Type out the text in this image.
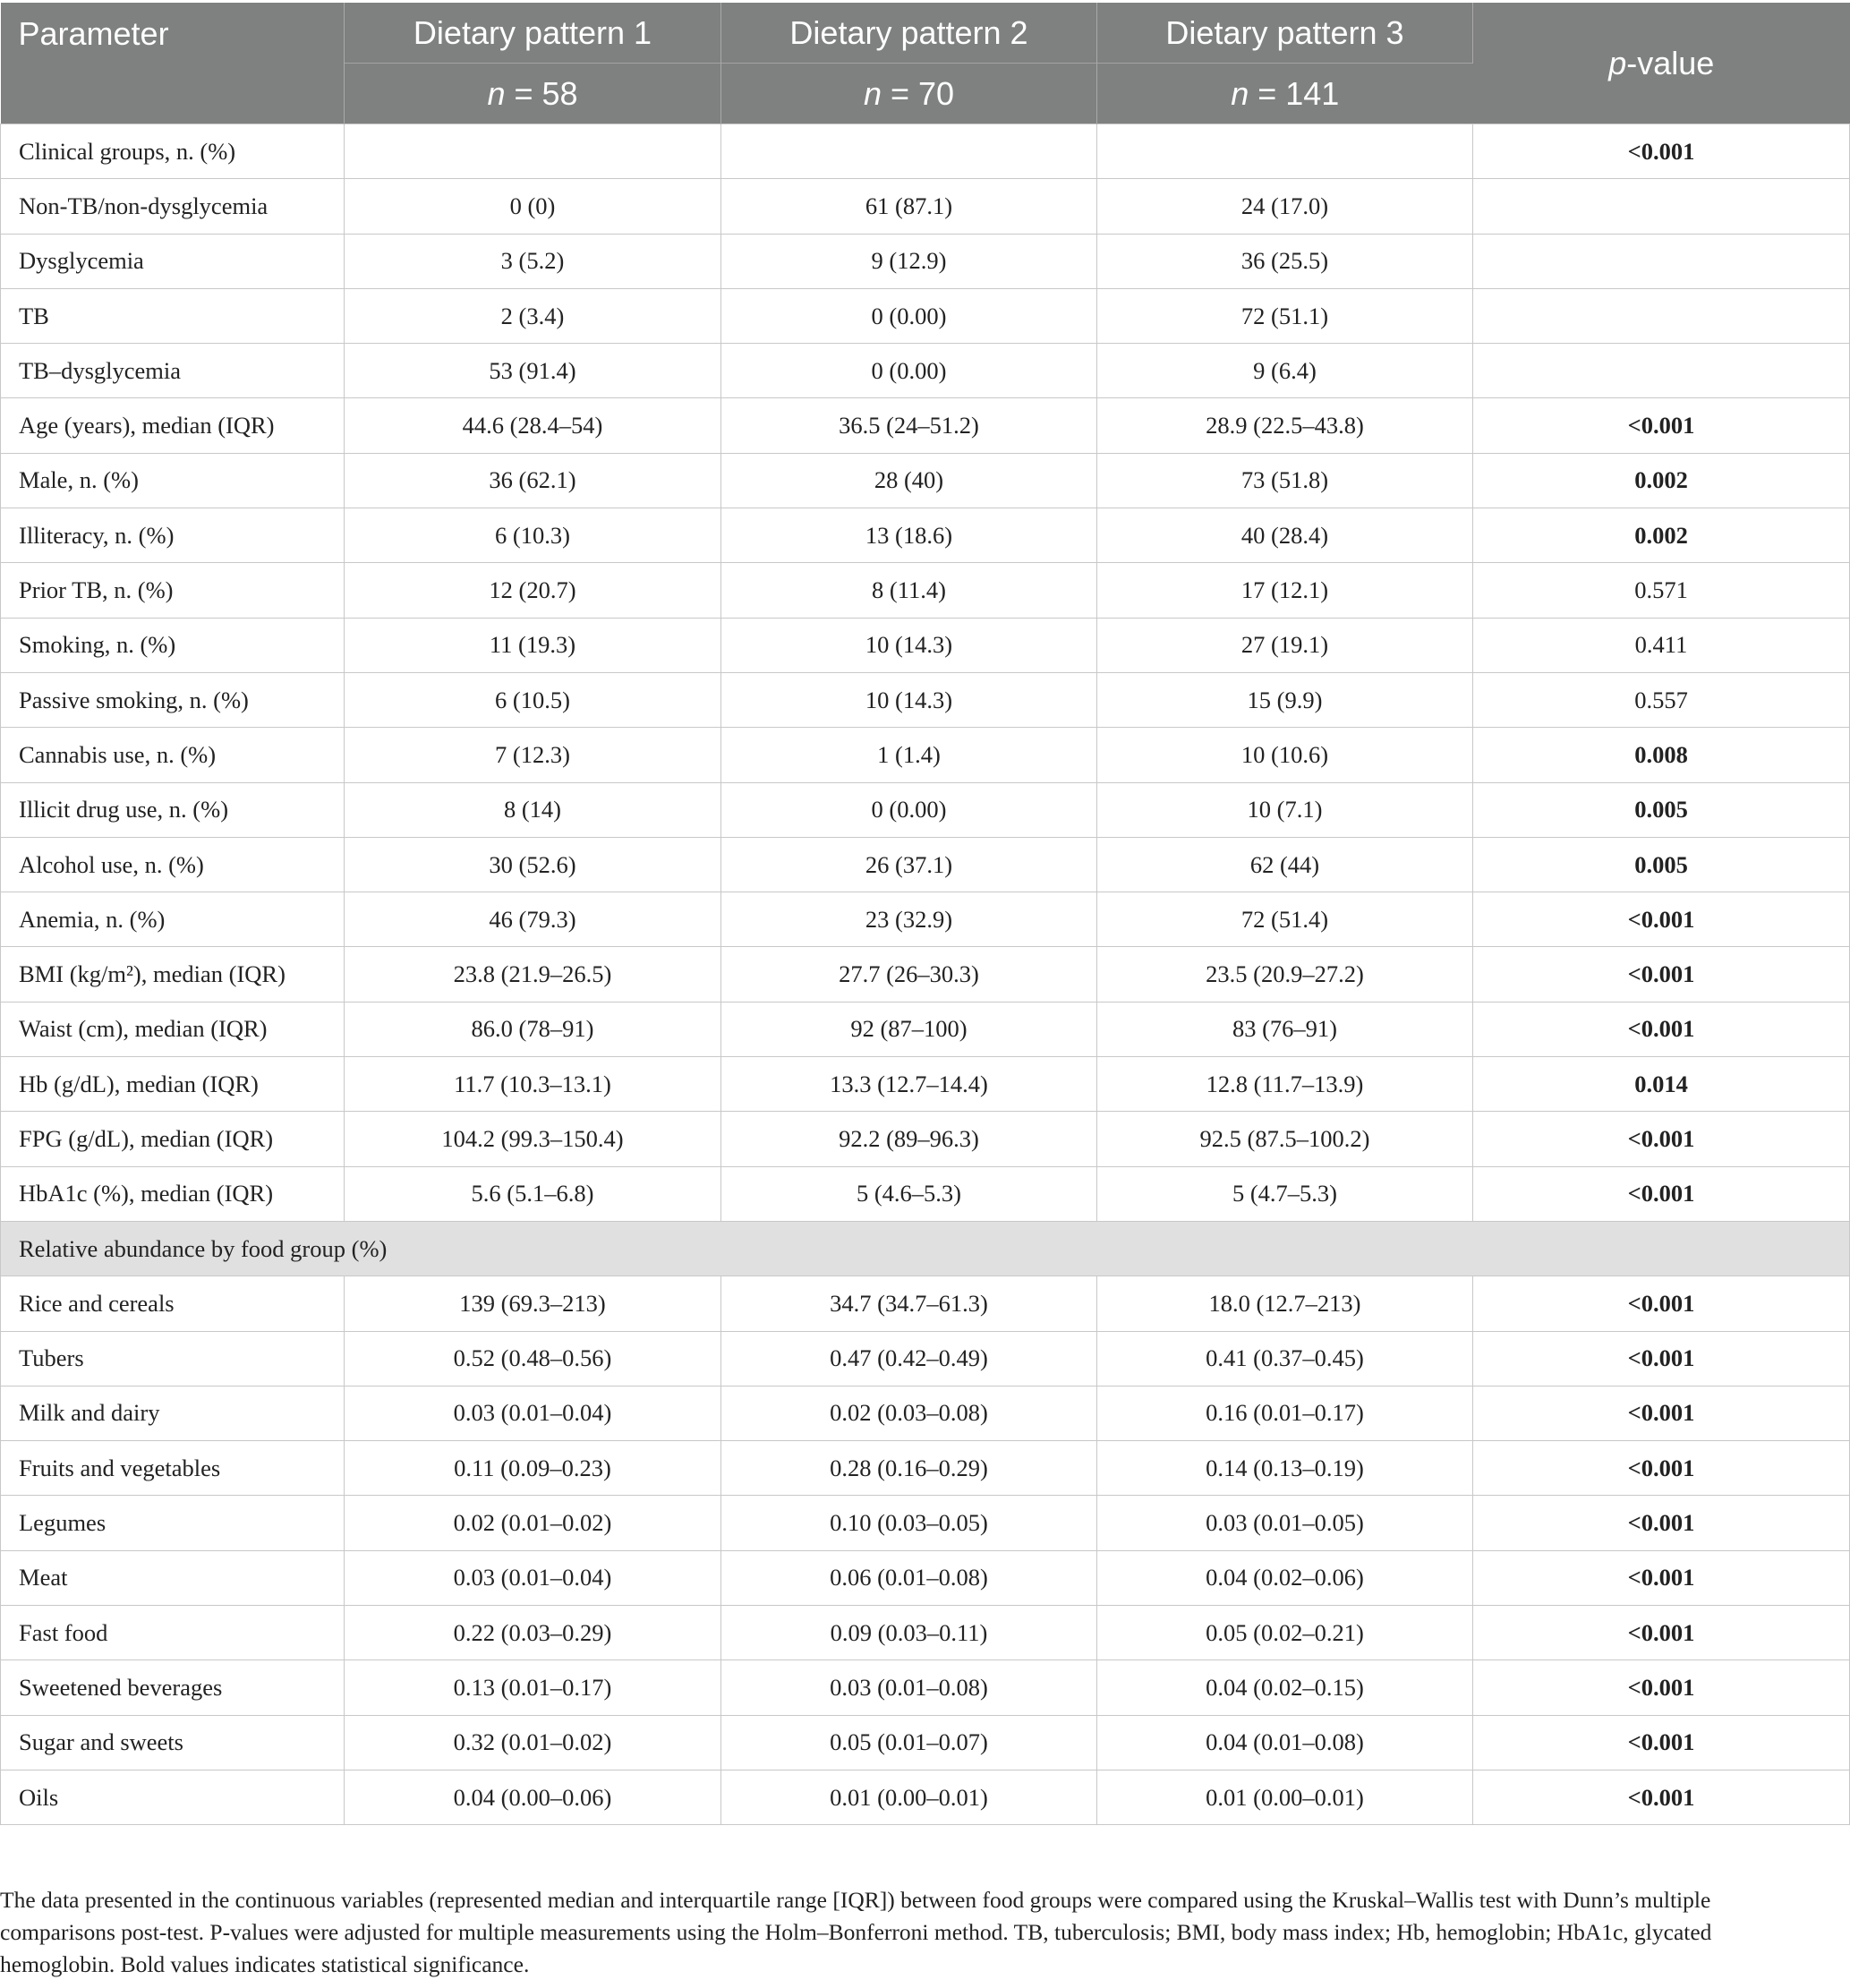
Parameter	Dietary pattern 1	Dietary pattern 2	Dietary pattern 3	p-value
	n = 58	n = 70	n = 141	
Clinical groups, n. (%)				<0.001
Non-TB/non-dysglycemia	0 (0)	61 (87.1)	24 (17.0)	
Dysglycemia	3 (5.2)	9 (12.9)	36 (25.5)	
TB	2 (3.4)	0 (0.00)	72 (51.1)	
TB–dysglycemia	53 (91.4)	0 (0.00)	9 (6.4)	
Age (years), median (IQR)	44.6 (28.4–54)	36.5 (24–51.2)	28.9 (22.5–43.8)	<0.001
Male, n. (%)	36 (62.1)	28 (40)	73 (51.8)	0.002
Illiteracy, n. (%)	6 (10.3)	13 (18.6)	40 (28.4)	0.002
Prior TB, n. (%)	12 (20.7)	8 (11.4)	17 (12.1)	0.571
Smoking, n. (%)	11 (19.3)	10 (14.3)	27 (19.1)	0.411
Passive smoking, n. (%)	6 (10.5)	10 (14.3)	15 (9.9)	0.557
Cannabis use, n. (%)	7 (12.3)	1 (1.4)	10 (10.6)	0.008
Illicit drug use, n. (%)	8 (14)	0 (0.00)	10 (7.1)	0.005
Alcohol use, n. (%)	30 (52.6)	26 (37.1)	62 (44)	0.005
Anemia, n. (%)	46 (79.3)	23 (32.9)	72 (51.4)	<0.001
BMI (kg/m²), median (IQR)	23.8 (21.9–26.5)	27.7 (26–30.3)	23.5 (20.9–27.2)	<0.001
Waist (cm), median (IQR)	86.0 (78–91)	92 (87–100)	83 (76–91)	<0.001
Hb (g/dL), median (IQR)	11.7 (10.3–13.1)	13.3 (12.7–14.4)	12.8 (11.7–13.9)	0.014
FPG (g/dL), median (IQR)	104.2 (99.3–150.4)	92.2 (89–96.3)	92.5 (87.5–100.2)	<0.001
HbA1c (%), median (IQR)	5.6 (5.1–6.8)	5 (4.6–5.3)	5 (4.7–5.3)	<0.001
Relative abundance by food group (%)				
Rice and cereals	139 (69.3–213)	34.7 (34.7–61.3)	18.0 (12.7–213)	<0.001
Tubers	0.52 (0.48–0.56)	0.47 (0.42–0.49)	0.41 (0.37–0.45)	<0.001
Milk and dairy	0.03 (0.01–0.04)	0.02 (0.03–0.08)	0.16 (0.01–0.17)	<0.001
Fruits and vegetables	0.11 (0.09–0.23)	0.28 (0.16–0.29)	0.14 (0.13–0.19)	<0.001
Legumes	0.02 (0.01–0.02)	0.10 (0.03–0.05)	0.03 (0.01–0.05)	<0.001
Meat	0.03 (0.01–0.04)	0.06 (0.01–0.08)	0.04 (0.02–0.06)	<0.001
Fast food	0.22 (0.03–0.29)	0.09 (0.03–0.11)	0.05 (0.02–0.21)	<0.001
Sweetened beverages	0.13 (0.01–0.17)	0.03 (0.01–0.08)	0.04 (0.02–0.15)	<0.001
Sugar and sweets	0.32 (0.01–0.02)	0.05 (0.01–0.07)	0.04 (0.01–0.08)	<0.001
Oils	0.04 (0.00–0.06)	0.01 (0.00–0.01)	0.01 (0.00–0.01)	<0.001
The data presented in the continuous variables (represented median and interquartile range [IQR]) between food groups were compared using the Kruskal–Wallis test with Dunn’s multiple comparisons post-test. P-values were adjusted for multiple measurements using the Holm–Bonferroni method. TB, tuberculosis; BMI, body mass index; Hb, hemoglobin; HbA1c, glycated hemoglobin. Bold values indicates statistical significance.
